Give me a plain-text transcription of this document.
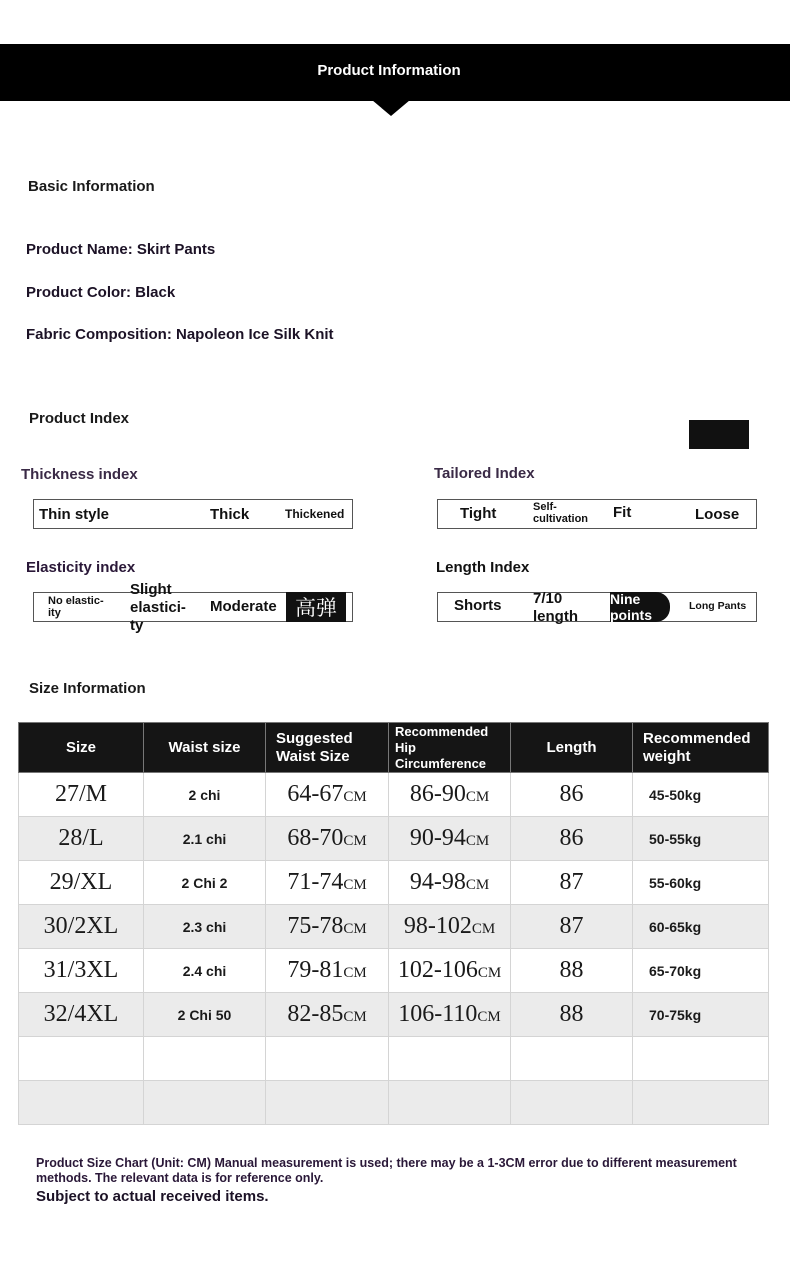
Product Information
Basic Information
Product Name: Skirt Pants
Product Color: Black
Fabric Composition: Napoleon Ice Silk Knit
Product Index
Thickness index
Thin style	Thick	Thickened
Tailored Index
Tight	Self-cultivation	Fit	Loose
Elasticity index
No elastic-ity
Slight elastici-ty
Moderate 高弹
Length Index
Shorts 7/10 length
Nine points
Long Pants
Size Information
Size	Waist size	Suggested Waist Size	Recommended Hip Circumference	Length	Recommended weight
27/M	2 chi	64-67CM	86-90CM	86	45-50kg
28/L	2.1 chi	68-70CM	90-94CM	86	50-55kg
29/XL	2 Chi 2	71-74CM	94-98CM	87	55-60kg
30/2XL	2.3 chi	75-78CM	98-102CM	87	60-65kg
31/3XL	2.4 chi	79-81CM	102-106CM	88	65-70kg
32/4XL	2 Chi 50	82-85CM	106-110CM	88	70-75kg

Product Size Chart (Unit: CM) Manual measurement is used; there may be a 1-3CM error due to different measurement methods. The relevant data is for reference only.
Subject to actual received items.
